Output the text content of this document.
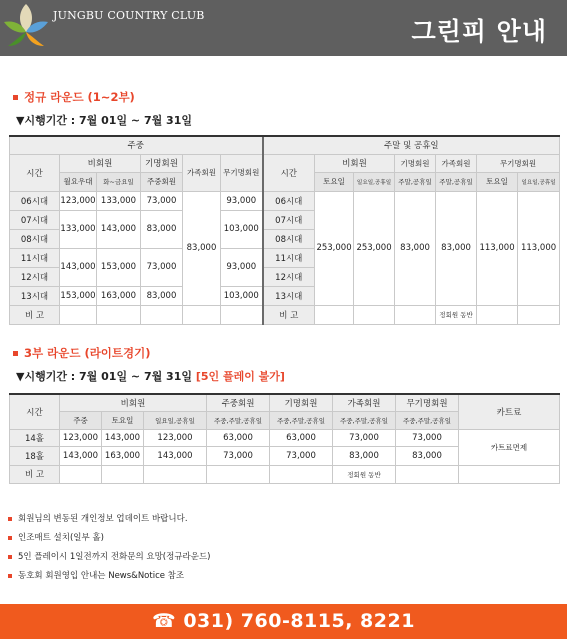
JUNGBU COUNTRY CLUB
그린피 안내
정규 라운드 (1~2부)
▼시행기간 : 7월 01일 ~ 7월 31일
주중						주말 및 공휴일						
시간	비회원		기명회원	가족회원	무기명회원	시간	비회원		기명회원	가족회원	무기명회원	
	월요우대	화~금요일	주중회원				토요일	일요일,공휴일	주말,공휴일	주말,공휴일	토요일	일요일,공휴일
06시대	123,000	133,000	73,000	83,000	93,000	06시대	253,000	253,000	83,000	83,000	113,000	113,000
07시대	133,000	143,000	83,000		103,000	07시대						
08시대						08시대						
11시대	143,000	153,000	73,000		93,000	11시대						
12시대						12시대						
13시대	153,000	163,000	83,000		103,000	13시대						
비 고						비 고				정회원 동반		
3부 라운드 (라이트경기)
▼시행기간 : 7월 01일 ~ 7월 31일 [5인 플레이 불가]
시간	비회원			주중회원	기명회원	가족회원	무기명회원	카트료
	주중	토요일	일요일,공휴일	주중,주말,공휴일	주중,주말,공휴일	주중,주말,공휴일	주중,주말,공휴일	
14홀	123,000	143,000	123,000	63,000	63,000	73,000	73,000	카트료면제
18홀	143,000	163,000	143,000	73,000	73,000	83,000	83,000	
비 고						정회원 동반		
회원님의 변동된 개인정보 업데이트 바랍니다.
인조매트 설치(일부 홀)
5인 플레이시 1일전까지 전화문의 요망(정규라운드)
동호회 회원영입 안내는 News&Notice 참조
☎ 031) 760-8115, 8221
